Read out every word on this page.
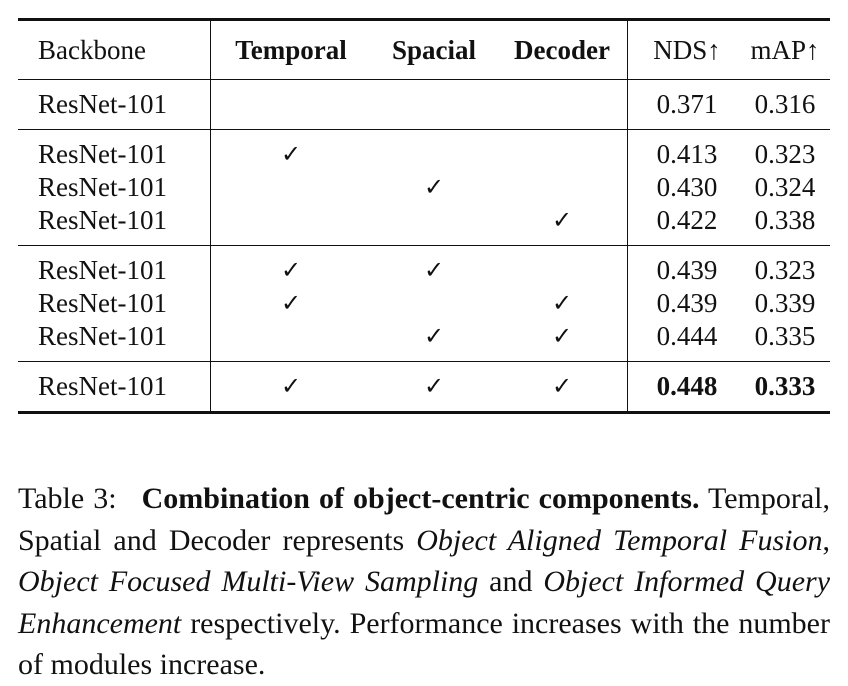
Backbone	Temporal	Spacial	Decoder	NDS↑	mAP↑
ResNet-101				0.371	0.316
ResNet-101	✓			0.413	0.323
ResNet-101		✓		0.430	0.324
ResNet-101			✓	0.422	0.338
ResNet-101	✓	✓		0.439	0.323
ResNet-101	✓		✓	0.439	0.339
ResNet-101		✓	✓	0.444	0.335
ResNet-101	✓	✓	✓	0.448	0.333

Table 3: Combination of object-centric components. Temporal, Spatial and Decoder represents Object Aligned Temporal Fusion, Object Focused Multi-View Sampling and Object Informed Query Enhancement respectively. Performance increases with the number of modules increase.
